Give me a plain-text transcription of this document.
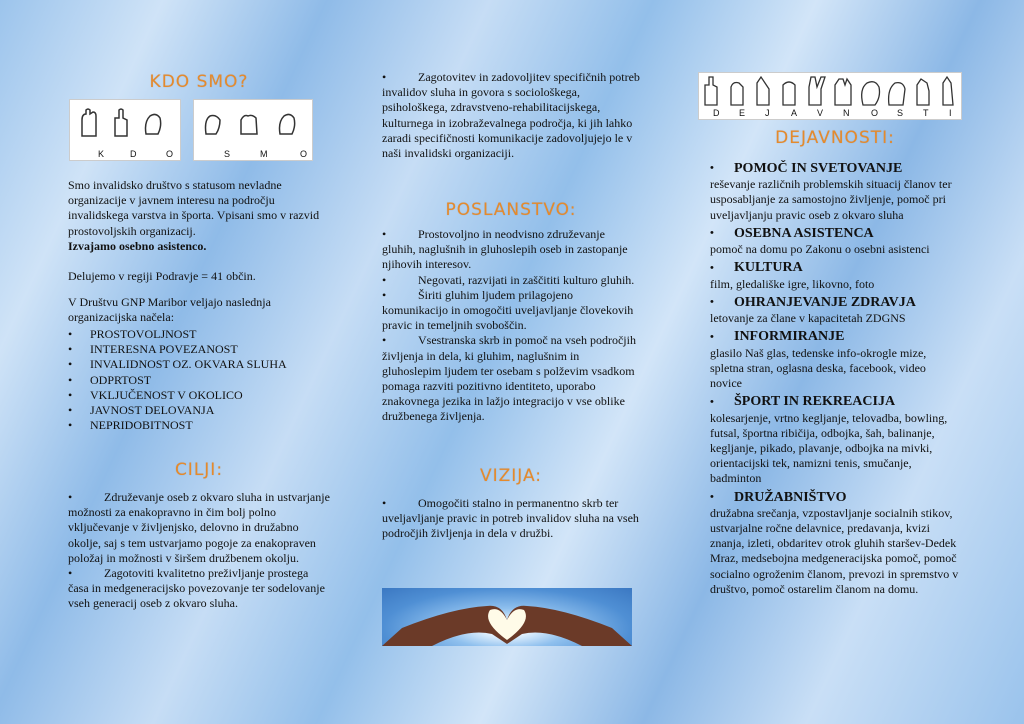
KDO SMO?
K	D	O	S	M	O
Smo invalidsko društvo s statusom nevladne organizacije v javnem interesu na področju invalidskega varstva in športa. Vpisani smo v razvid prostovoljskih organizacij.
Izvajamo osebno asistenco.
Delujemo v regiji Podravje = 41 občin.
V Društvu GNP Maribor veljajo naslednja organizacijska načela:
•	PROSTOVOLJNOST
•	INTERESNA POVEZANOST
•	INVALIDNOST OZ. OKVARA SLUHA
•	ODPRTOST
•	VKLJUČENOST V OKOLICO
•	JAVNOST DELOVANJA
•	NEPRIDOBITNOST
CILJI:
•	Združevanje oseb z okvaro sluha in ustvarjanje možnosti za enakopravno in čim bolj polno vključevanje v življenjsko, delovno in družabno okolje, saj s tem ustvarjamo pogoje za enakopraven položaj in možnosti v širšem družbenem okolju.
•	Zagotoviti kvalitetno preživljanje prostega časa in medgeneracijsko povezovanje ter sodelovanje vseh generacij oseb z okvaro sluha.
•	Zagotovitev in zadovoljitev specifičnih potreb invalidov sluha in govora s sociološkega, psihološkega, zdravstveno-rehabilitacijskega, kulturnega in izobraževalnega področja, ki jih lahko zaradi specifičnosti komunikacije zadovoljujejo le v naši invalidski organizaciji.
POSLANSTVO:
•	Prostovoljno in neodvisno združevanje gluhih, naglušnih in gluhoslepih oseb in zastopanje njihovih interesov.
•	Negovati, razvijati in zaščititi kulturo gluhih.
•	Širiti gluhim ljudem prilagojeno komunikacijo in omogočiti uveljavljanje človekovih pravic in temeljnih svoboščin.
•	Vsestranska skrb in pomoč na vseh področjih življenja in dela, ki gluhim, naglušnim in gluhoslepim ljudem ter osebam s polževim vsadkom pomaga razviti pozitivno identiteto, uporabo znakovnega jezika in lažjo integracijo v vse oblike družbenega življenja.
VIZIJA:
•	Omogočiti stalno in permanentno skrb ter uveljavljanje pravic in potreb invalidov sluha na vseh področjih življenja in dela v družbi.
D E J A V N O S T I
DEJAVNOSTI:
• POMOČ IN SVETOVANJE
reševanje različnih problemskih situacij članov ter usposabljanje za samostojno življenje, pomoč pri uveljavljanju pravic oseb z okvaro sluha
• OSEBNA ASISTENCA
pomoč na domu po Zakonu o osebni asistenci
• KULTURA
film, gledališke igre, likovno, foto
• OHRANJEVANJE ZDRAVJA
letovanje za člane v kapacitetah ZDGNS
• INFORMIRANJE
glasilo Naš glas, tedenske info-okrogle mize, spletna stran, oglasna deska, facebook, video novice
• ŠPORT IN REKREACIJA
kolesarjenje, vrtno kegljanje, telovadba, bowling, futsal, športna ribičija, odbojka, šah, balinanje, kegljanje, pikado, plavanje, odbojka na mivki, orientacijski tek, namizni tenis, smučanje, badminton
• DRUŽABNIŠTVO
družabna srečanja, vzpostavljanje socialnih stikov, ustvarjalne ročne delavnice, predavanja, kvizi znanja, izleti, obdaritev otrok gluhih staršev-Dedek Mraz, medsebojna medgeneracijska pomoč, pomoč socialno ogroženim članom, prevozi in spremstvo v društvo, pomoč ostarelim članom na domu.
